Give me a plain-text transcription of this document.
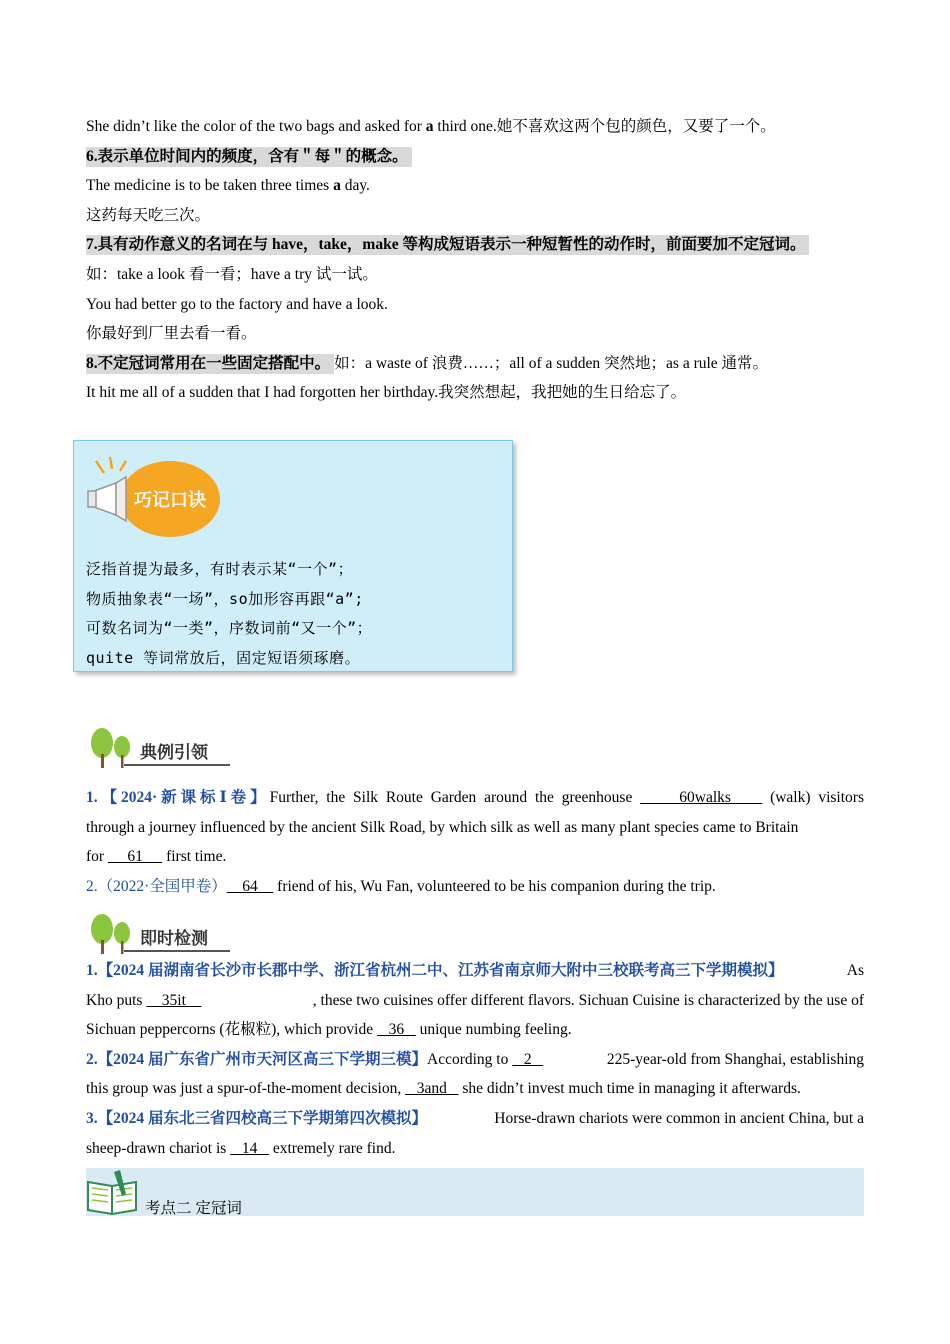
She didn’t like the color of the two bags and asked for a third one.她不喜欢这两个包的颜色，又要了一个。
6.表示单位时间内的频度，含有＂每＂的概念。
The medicine is to be taken three times a day.
这药每天吃三次。
7.具有动作意义的名词在与 have，take，make 等构成短语表示一种短暂性的动作时，前面要加不定冠词。
如：take a look 看一看；have a try 试一试。
You had better go to the factory and have a look.
你最好到厂里去看一看。
8.不定冠词常用在一些固定搭配中。 如：a waste of 浪费……；all of a sudden 突然地；as a rule 通常。
It hit me all of a sudden that I had forgotten her birthday.我突然想起，我把她的生日给忘了。
巧记口诀
泛指首提为最多，有时表示某“一个”；
物质抽象表“一场”，so加形容再跟“a”;
可数名词为“一类”，序数词前“又一个”；
quite 等词常放后，固定短语须琢磨。
典例引领
1.【2024·新课标Ⅰ卷】Further, the Silk Route Garden around the greenhouse      60walks     (walk) visitors
through a journey influenced by the ancient Silk Road, by which silk as well as many plant species came to Britain
for      61      first time.
2.（2022·全国甲卷）    64     friend of his, Wu Fan, volunteered to be his companion during the trip.
即时检测
1.【2024 届湖南省长沙市长郡中学、浙江省杭州二中、江苏省南京师大附中三校联考高三下学期模拟】	As
Kho puts     35it	, these two cuisines offer different flavors. Sichuan Cuisine is characterized by the use of
Sichuan peppercorns (花椒粒), which provide    36    unique numbing feeling.
2.【2024 届广东省广州市天河区高三下学期三模】According to    2	225-year-old from Shanghai, establishing
this group was just a spur-of-the-moment decision,    3and    she didn’t invest much time in managing it afterwards.
3.【2024 届东北三省四校高三下学期第四次模拟】	Horse-drawn chariots were common in ancient China, but a
sheep-drawn chariot is    14    extremely rare find.
考点二 定冠词
